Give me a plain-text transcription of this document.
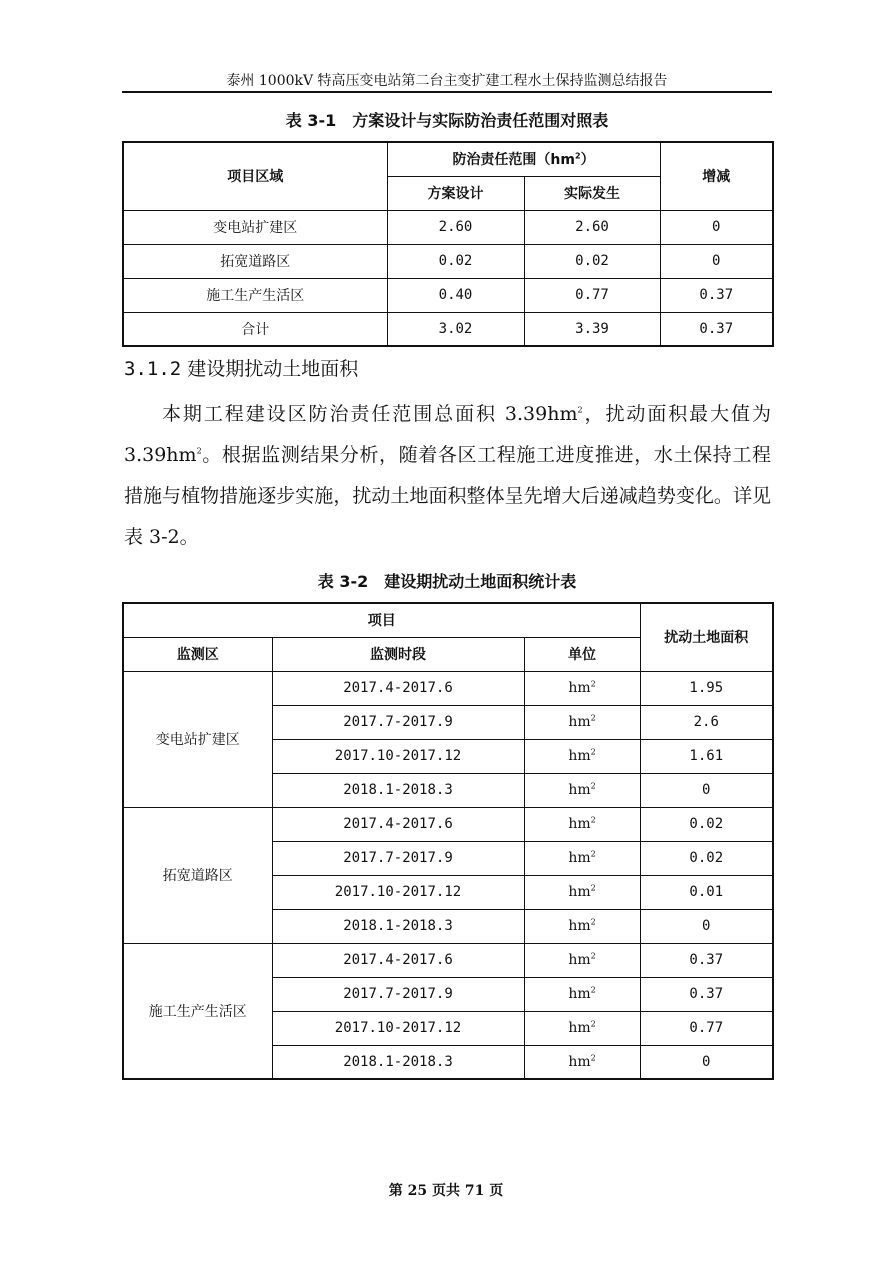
泰州 1000kV 特高压变电站第二台主变扩建工程水土保持监测总结报告
表 3-1　方案设计与实际防治责任范围对照表
项目区域	防治责任范围$(hm^2)$		增减
	方案设计	实际发生	
变电站扩建区	2.60	2.60	0
拓宽道路区	0.02	0.02	0
施工生产生活区	0.40	0.77	0.37
合计	3.02	3.39	0.37
3.1.2 建设期扰动土地面积

本期工程建设区防治责任范围总面积 $3.39hm^2$，扰动面积最大值为 $3.39hm^2$。根据监测结果分析，随着各区工程施工进度推进，水土保持工程措施与植物措施逐步实施，扰动土地面积整体呈先增大后递减趋势变化。详见表 3-2。

表 3-2　建设期扰动土地面积统计表
项目			扰动土地面积
监测区	监测时段	单位	
变电站扩建区	2017.4-2017.6	$hm^2$	1.95
	2017.7-2017.9	$hm^2$	2.6
	2017.10-2017.12	$hm^2$	1.61
	2018.1-2018.3	$hm^2$	0
拓宽道路区	2017.4-2017.6	$hm^2$	0.02
	2017.7-2017.9	$hm^2$	0.02
	2017.10-2017.12	$hm^2$	0.01
	2018.1-2018.3	$hm^2$	0
施工生产生活区	2017.4-2017.6	$hm^2$	0.37
	2017.7-2017.9	$hm^2$	0.37
	2017.10-2017.12	$hm^2$	0.77
	2018.1-2018.3	$hm^2$	0
第 25 页共 71 页
